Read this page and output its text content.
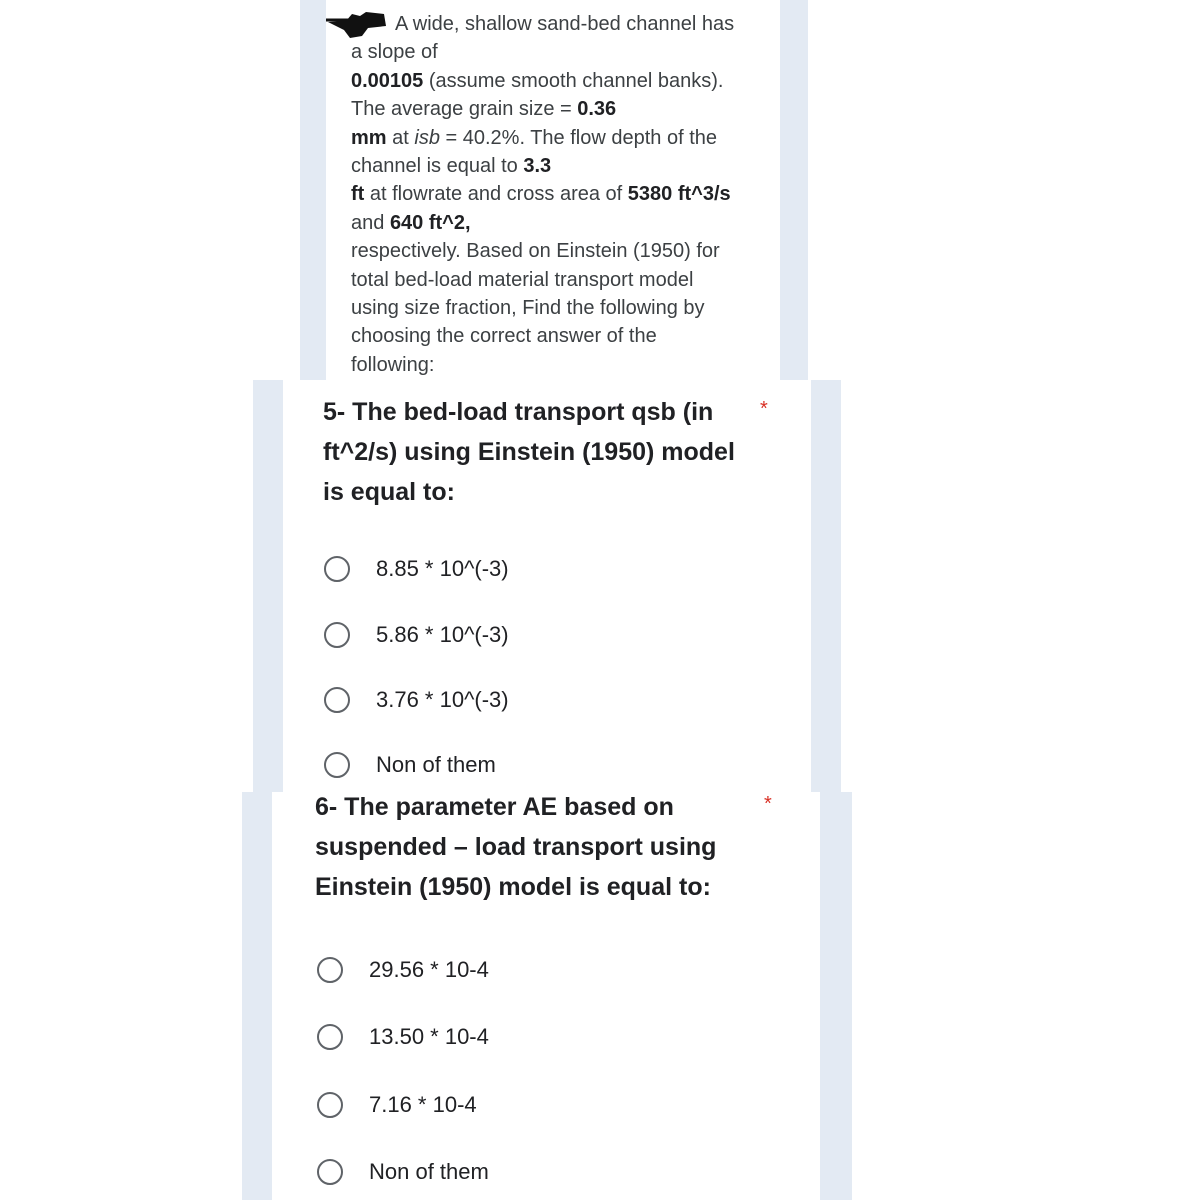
A wide, shallow sand-bed channel has
a slope of
0.00105 (assume smooth channel banks).
The average grain size = 0.36
mm at isb = 40.2%. The flow depth of the
channel is equal to 3.3
ft at flowrate and cross area of 5380 ft^3/s
and 640 ft^2,
respectively. Based on Einstein (1950) for
total bed-load material transport model
using size fraction, Find the following by
choosing the correct answer of the
following:
5- The bed-load transport qsb (in
ft^2/s) using Einstein (1950) model
is equal to:
*
8.85 * 10^(-3)
5.86 * 10^(-3)
3.76 * 10^(-3)
Non of them
6- The parameter AE based on
suspended – load transport using
Einstein (1950) model is equal to:
*
29.56 * 10-4
13.50 * 10-4
7.16 * 10-4
Non of them
